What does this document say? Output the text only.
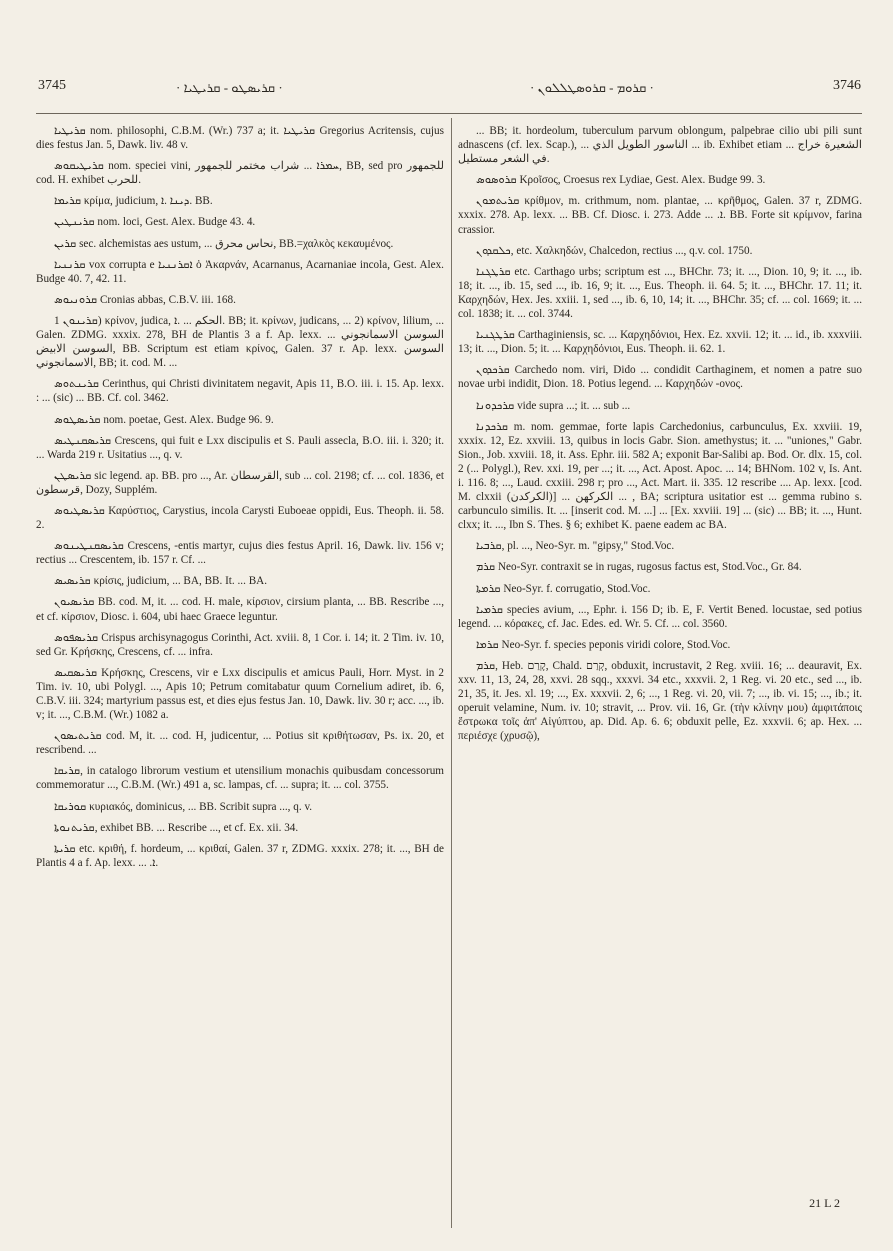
3745	· ܩܪܝܣܛܘ - ܩܪܝܛܝܐ ·	· ܩܪܘܡ - ܩܪܘܣܛܠܠܘܢ ·	3746

ܩܪܝܛܝܐ nom. philosophi, C.B.M. (Wr.) 737 a; it. ܩܪܝܛܝܐ Gregorius Acritensis, cujus dies festus Jan. 5, Dawk. liv. 48 v.

ܩܪܝܛܝܩܘܣ nom. speciei vini, ܚܡܪܐ ... شراب مختمر للجمهور, BB, sed pro للجمهور cod. H. exhibet للحرب.

ܩܪܝܡܐ κρίμα, judicium, ܕܝܢܐ .ܐ. BB.

ܩܪܝܢܛܝܢ nom. loci, Gest. Alex. Budge 43. 4.

ܩܪܝܢ sec. alchemistas aes ustum, ... نحاس محرق, BB.=χαλκὸς κεκαυμένος.

ܩܪܢܢܝܐ vox corrupta e ܐܩܪܢܢܝܐ ὁ Ἀκαρνάν, Acarnanus, Acarnaniae incola, Gest. Alex. Budge 40. 7, 42. 11.

ܩܪܘܢܝܘܣ Cronias abbas, C.B.V. iii. 168.

ܩܪܝܢܘܢ 1) κρίνον, judica, الحكم ... .ܐ. BB; it. κρίνων, judicans, ... 2) κρίνον, lilium, ... Galen. ZDMG. xxxix. 278, BH de Plantis 3 a f. Ap. lexx. السوسن الاسمانجوني ... السوسن الابيض, BB. Scriptum est etiam κρίνος, Galen. 37 r. Ap. lexx. السوسن الاسمانجوني, BB; it. cod. M. ...

ܩܪܝܢܬܘܣ Cerinthus, qui Christi divinitatem negavit, Apis 11, B.O. iii. i. 15. Ap. lexx. : ... (sic) ... BB. Cf. col. 3462.

ܩܪܝܣܛܘܣ nom. poetae, Gest. Alex. Budge 96. 9.

ܩܪܝܣܩܢܛܝܣ Crescens, qui fuit e Lxx discipulis et S. Pauli assecla, B.O. iii. i. 320; it. ... Warda 219 r. Usitatius ..., q. v.

ܩܪܝܣܛܢ sic legend. ap. BB. pro ..., Ar. القرسطان, sub ... col. 2198; cf. ... col. 1836, et قرسطون, Dozy, Supplém.

ܩܪܝܣܛܝܘܣ Καρύστιος, Carystius, incola Carysti Euboeae oppidi, Eus. Theoph. ii. 58. 2.

ܩܪܝܣܩܢܛܝܢܘܣ Crescens, -entis martyr, cujus dies festus April. 16, Dawk. liv. 156 v; rectius ... Crescentem, ib. 157 r. Cf. ...

ܩܪܝܣܝܣ κρίσις, judicium, ... BA, BB. It. ... BA.

ܩܪܝܣܝܘܢ BB. cod. M, it. ... cod. H. male, κίρσιον, cirsium planta, ... BB. Rescribe ..., et cf. κίρσιον, Diosc. i. 604, ubi haec Graece leguntur.

ܩܪܝܣܦܘܣ Crispus archisynagogus Corinthi, Act. xviii. 8, 1 Cor. i. 14; it. 2 Tim. iv. 10, sed Gr. Κρήσκης, Crescens, cf. ... infra.

ܩܪܝܣܩܝܣ Κρήσκης, Crescens, vir e Lxx discipulis et amicus Pauli, Horr. Myst. in 2 Tim. iv. 10, ubi Polygl. ..., Apis 10; Petrum comitabatur quum Cornelium adiret, ib. 6, C.B.V. iii. 324; martyrium passus est, et dies ejus festus Jan. 10, Dawk. liv. 30 r; acc. ..., ib. v; it. ..., C.B.M. (Wr.) 1082 a.

ܩܪܝܬܝܣܘܢ cod. M, it. ... cod. H, judicentur, ... Potius sit κριθήτωσαν, Ps. ix. 20, et rescribend. ...

ܩܪܝܩܐ, in catalogo librorum vestium et utensilium monachis quibusdam concessorum commemoratur ..., C.B.M. (Wr.) 491 a, sc. lampas, cf. ... supra; it. ... col. 3755.

ܩܘܪܝܩܐ κυριακός, dominicus, ... BB. Scribit supra ..., q. v.

ܩܪܝܬܢܘܬܐ, exhibet BB. ... Rescribe ..., et cf. Ex. xii. 34.

ܩܪܝܬܐ etc. κριθή, f. hordeum, ... κριθαί, Galen. 37 r, ZDMG. xxxix. 278; it. ..., BH de Plantis 4 a f. Ap. lexx. ... .ܐ.

... BB; it. hordeolum, tuberculum parvum oblongum, palpebrae cilio ubi pili sunt adnascens (cf. lex. Scap.), ... الناسور الطويل الذي ... ib. Exhibet etiam ... الشعيرة خراج في الشعر مستطيل.

ܩܪܘܣܘܣ Κροῖσος, Croesus rex Lydiae, Gest. Alex. Budge 99. 3.

ܩܪܝܬܡܘܢ κρίθμον, m. crithmum, nom. plantae, ... κρῆθμος, Galen. 37 r, ZDMG. xxxix. 278. Ap. lexx. ... BB. Cf. Diosc. i. 273. Adde ... .ܐ. BB. Forte sit κρίμνον, farina crassior.

ܟܠܩܕܘܢ, etc. Χαλκηδών, Chalcedon, rectius ..., q.v. col. 1750.

ܩܪܛܓܢܐ etc. Carthago urbs; scriptum est ..., BHChr. 73; it. ..., Dion. 10, 9; it. ..., ib. 18; it. ..., ib. 15, sed ..., ib. 16, 9; it. ..., Eus. Theoph. ii. 64. 5; it. ..., BHChr. 17. 11; it. Καρχηδών, Hex. Jes. xxiii. 1, sed ..., ib. 6, 10, 14; it. ..., BHChr. 35; cf. ... col. 1669; it. ... col. 1838; it. ... col. 3744.

ܩܪܛܓܢܝܐ Carthaginiensis, sc. ... Καρχηδόνιοι, Hex. Ez. xxvii. 12; it. ... id., ib. xxxviii. 13; it. ..., Dion. 5; it. ... Καρχηδόνιοι, Eus. Theoph. ii. 62. 1.

ܩܪܟܕܘܢ Carchedo nom. viri, Dido ... condidit Carthaginem, et nomen a patre suo novae urbi indidit, Dion. 18. Potius legend. ... Καρχηδών -ονος.

ܩܪܟܕܘܢܐ vide supra ...; it. ... sub ...

ܩܪܟܕܢܐ m. nom. gemmae, forte lapis Carchedonius, carbunculus, Ex. xxviii. 19, xxxix. 12, Ez. xxviii. 13, quibus in locis Gabr. Sion. amethystus; it. ... "uniones," Gabr. Sion., Job. xxviii. 18, it. Ass. Ephr. iii. 582 A; exponit Bar-Salibi ap. Bod. Or. dlx. 15, col. 2 (... Polygl.), Rev. xxi. 19, per ...; it. ..., Act. Apost. Apoc. ... 14; BHNom. 102 v, Is. Ant. i. 116. 8; ..., Laud. cxxiii. 298 r; pro ..., Act. Mart. ii. 335. 12 rescribe .... Ap. lexx. [cod. M. clxxii (الكركدن)] ... الكركهن ... , BA; scriptura usitatior est ... gemma rubino s. carbunculo similis. It. ... [inserit cod. M. ...] ... [Ex. xxviii. 19] ... (sic) ... BB; it. ..., Hunt. clxx; it. ..., Ibn S. Thes. § 6; exhibet K. paene eadem ac BA.

ܩܪܒܝܐ, pl. ..., Neo-Syr. m. "gipsy," Stod.Voc.

ܩܪܡ Neo-Syr. contraxit se in rugas, rugosus factus est, Stod.Voc., Gr. 84.

ܩܪܡܬܐ Neo-Syr. f. corrugatio, Stod.Voc.

ܩܪܡܝܐ species avium, ..., Ephr. i. 156 D; ib. E, F. Vertit Bened. locustae, sed potius legend. ... κόρακες, cf. Jac. Edes. ed. Wr. 5. Cf. ... col. 3560.

ܩܪܡܐ Neo-Syr. f. species peponis viridi colore, Stod.Voc.

ܩܪܡ, Heb. קָרַם, Chald. קְרַם, obduxit, incrustavit, 2 Reg. xviii. 16; ... deauravit, Ex. xxv. 11, 13, 24, 28, xxvi. 28 sqq., xxxvi. 34 etc., xxxvii. 2, 1 Reg. vi. 20 etc., sed ..., ib. 21, 35, it. Jes. xl. 19; ..., Ex. xxxvii. 2, 6; ..., 1 Reg. vi. 20, vii. 7; ..., ib. vi. 15; ..., ib.; it. operuit velamine, Num. iv. 10; stravit, ... Prov. vii. 16, Gr. (τὴν κλίνην μου) ἀμφιτάποις ἔστρωκα τοῖς ἀπ' Αἰγύπτου, ap. Did. Ap. 6. 6; obduxit pelle, Ez. xxxvii. 6; ap. Hex. ... περιέσχε (χρυσῷ),

21 L 2
